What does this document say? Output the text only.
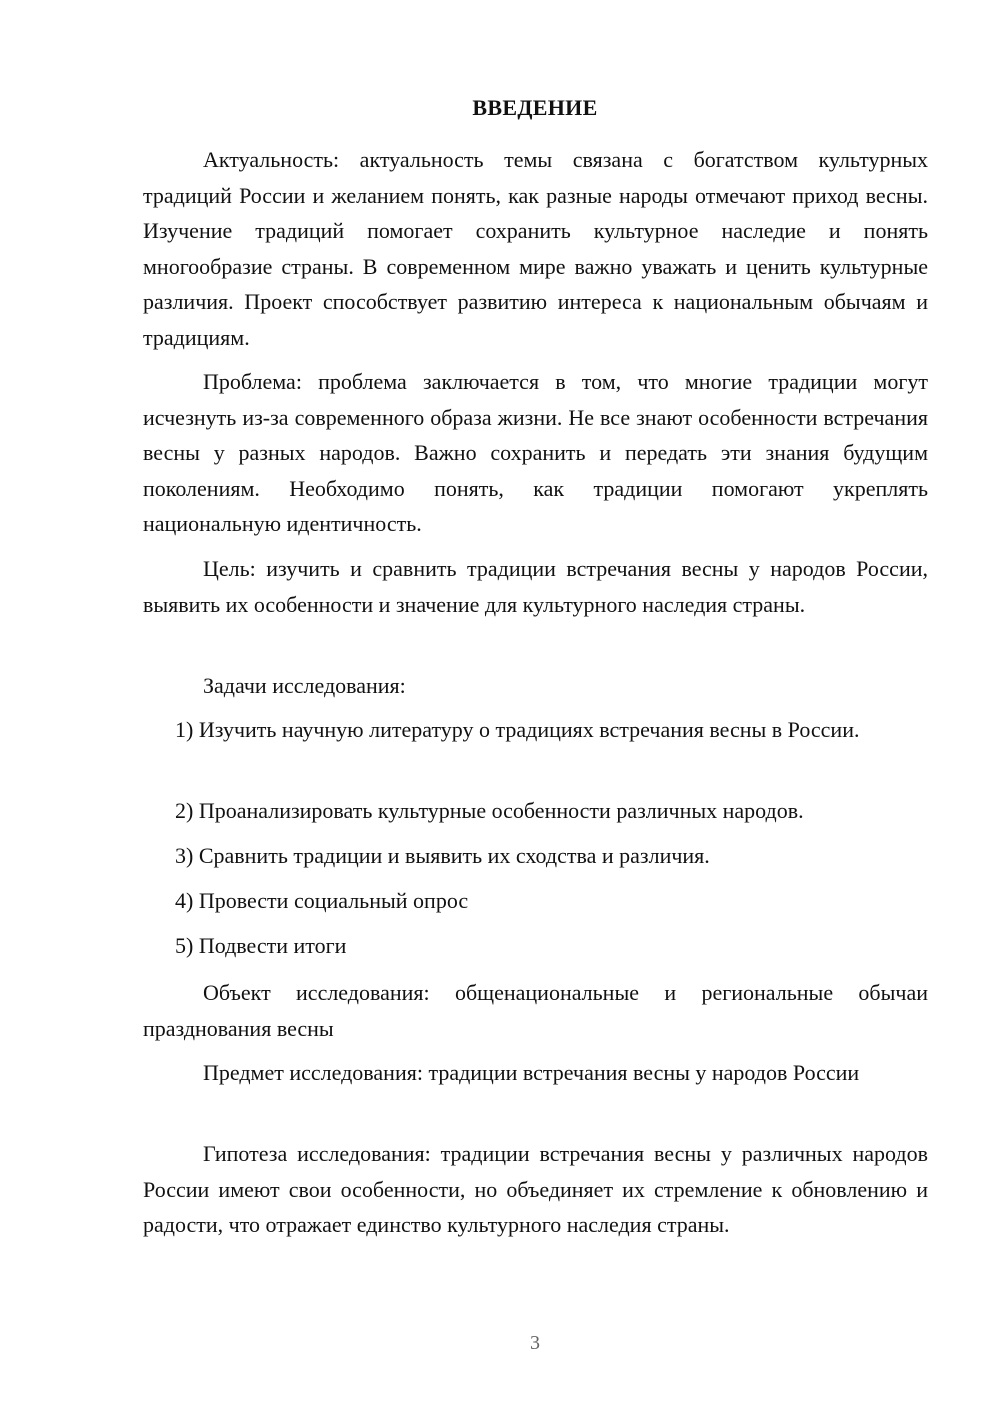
ВВЕДЕНИЕ

Актуальность: актуальность темы связана с богатством культурных традиций России и желанием понять, как разные народы отмечают приход весны. Изучение традиций помогает сохранить культурное наследие и понять многообразие страны. В современном мире важно уважать и ценить культурные различия. Проект способствует развитию интереса к национальным обычаям и традициям.

Проблема: проблема заключается в том, что многие традиции могут исчезнуть из-за современного образа жизни. Не все знают особенности встречания весны у разных народов. Важно сохранить и передать эти знания будущим поколениям. Необходимо понять, как традиции помогают укреплять национальную идентичность.

Цель: изучить и сравнить традиции встречания весны у народов России, выявить их особенности и значение для культурного наследия страны.

Задачи исследования:

1) Изучить научную литературу о традициях встречания весны в России.

2) Проанализировать культурные особенности различных народов.

3) Сравнить традиции и выявить их сходства и различия.

4) Провести социальный опрос

5) Подвести итоги

Объект исследования: общенациональные и региональные обычаи празднования весны

Предмет исследования: традиции встречания весны у народов России

Гипотеза исследования: традиции встречания весны у различных народов России имеют свои особенности, но объединяет их стремление к обновлению и радости, что отражает единство культурного наследия страны.

3
